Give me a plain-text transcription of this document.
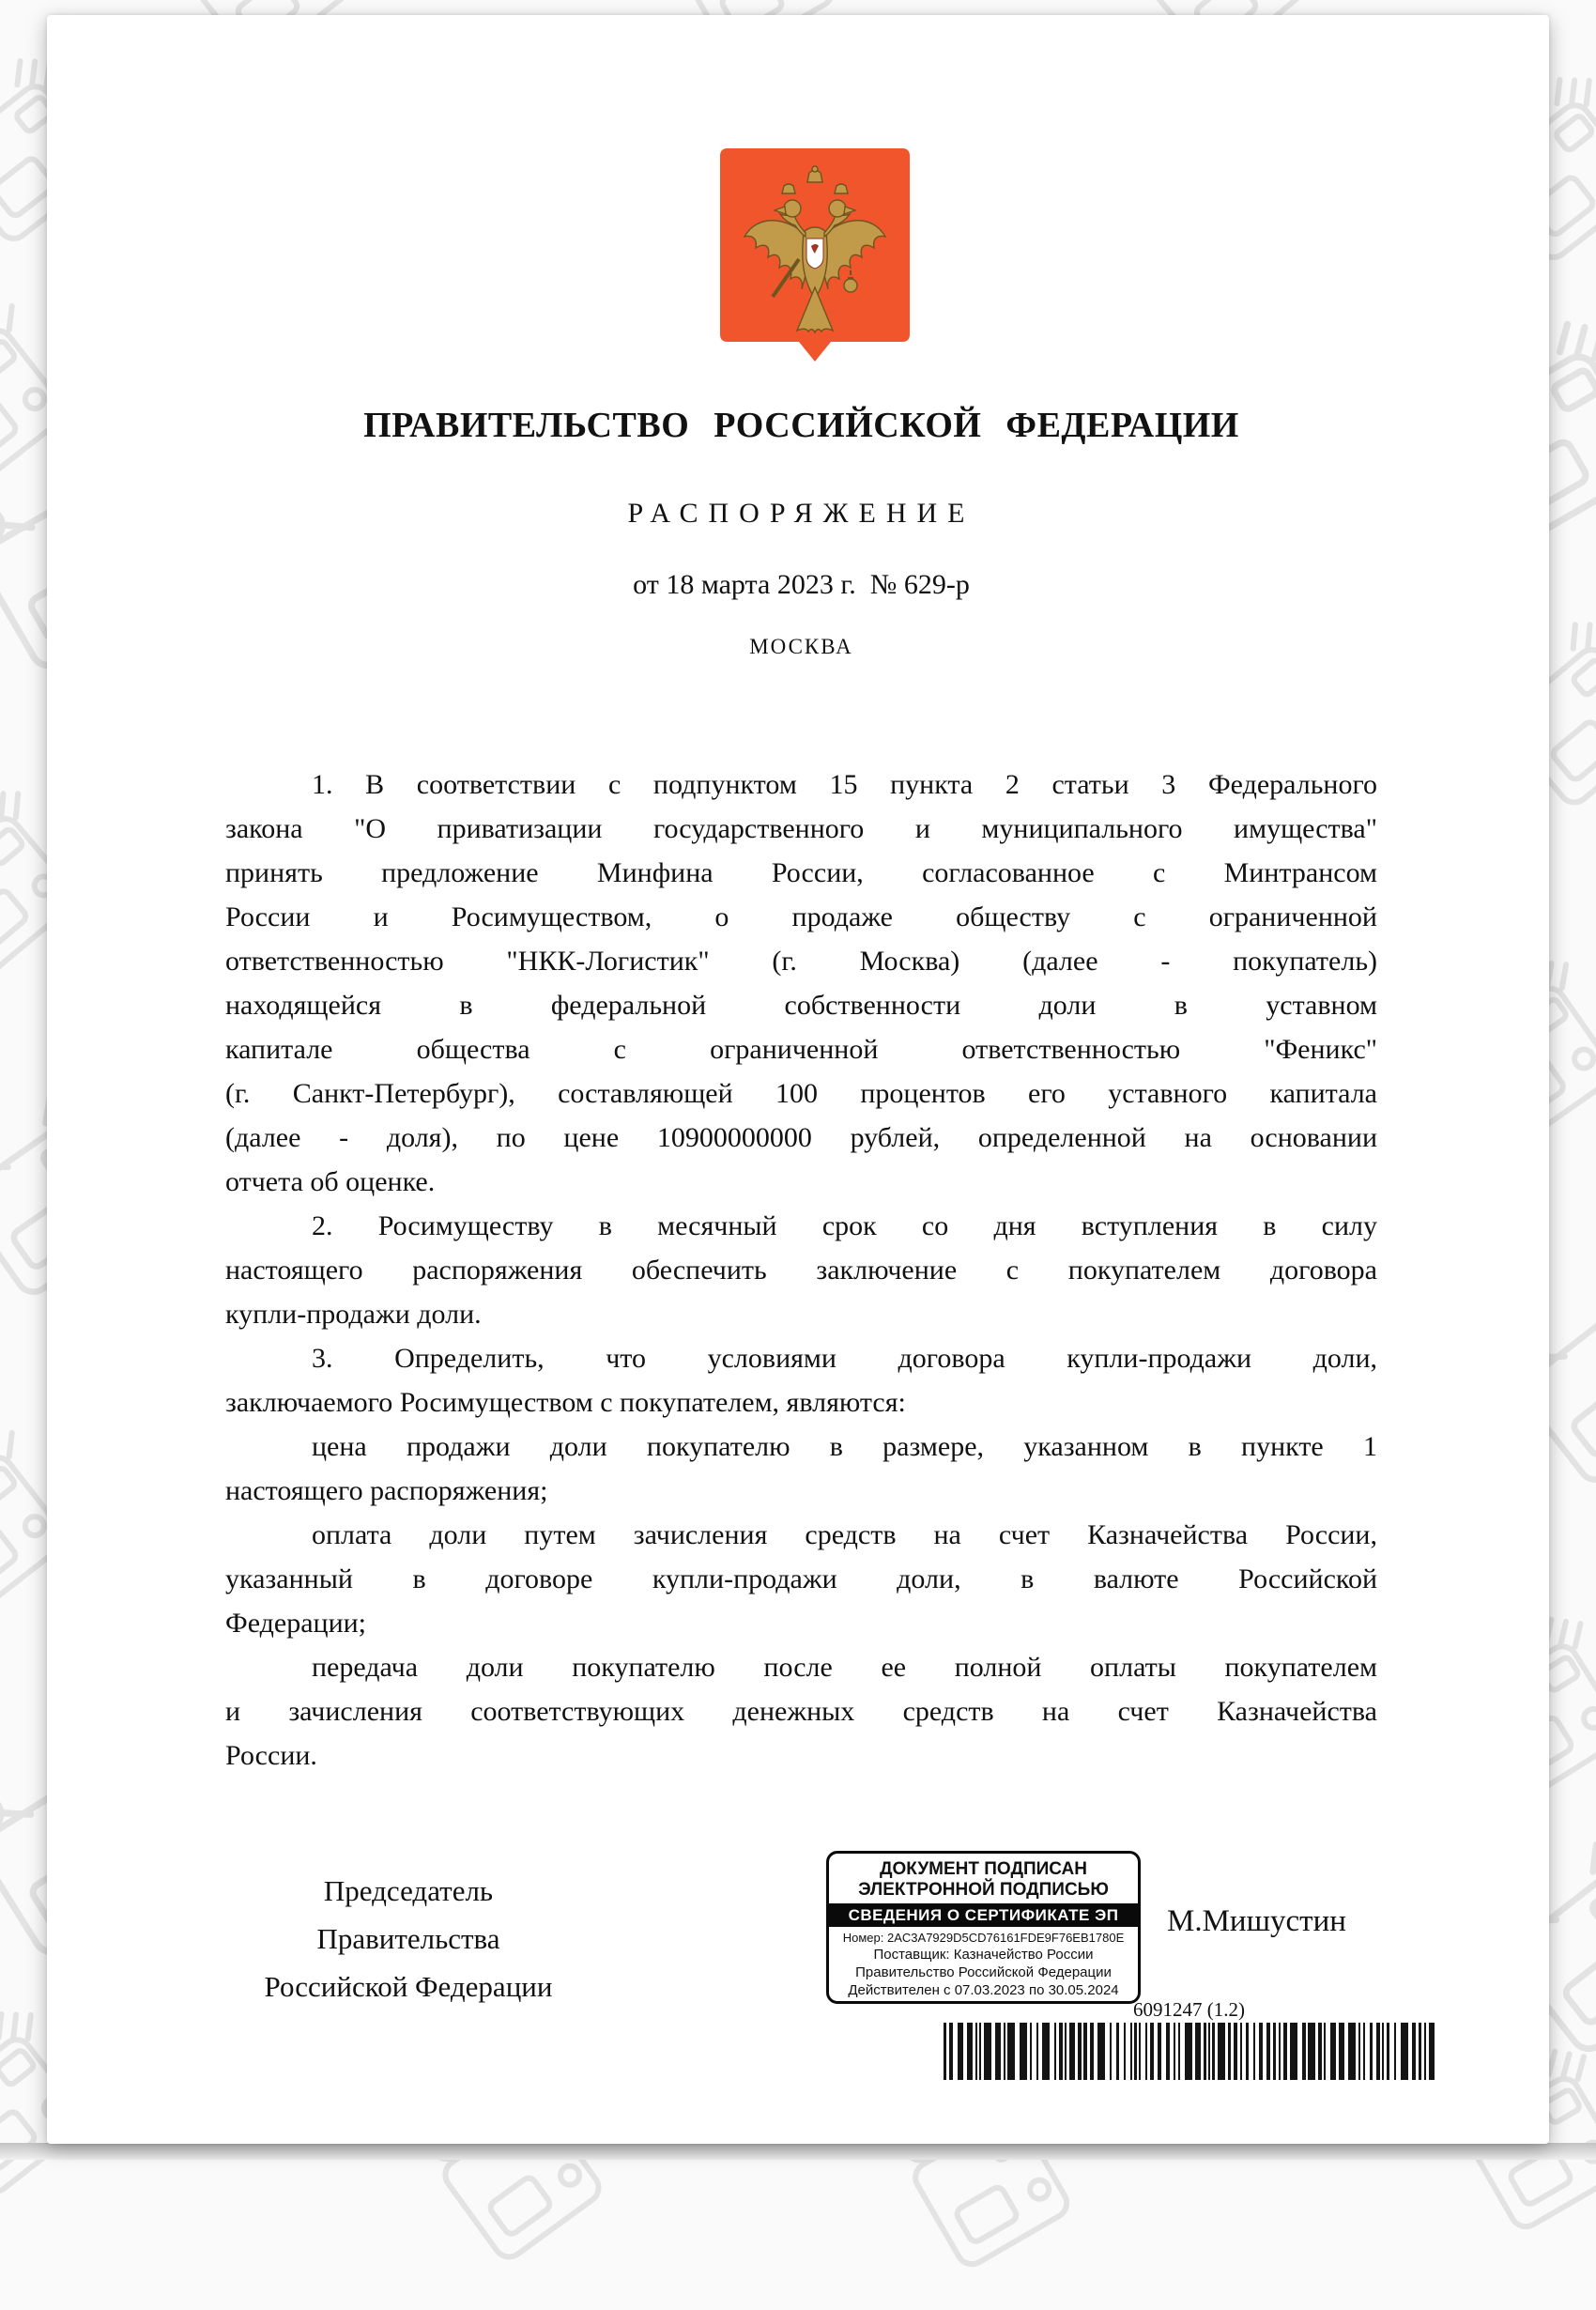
ПРАВИТЕЛЬСТВО РОССИЙСКОЙ ФЕДЕРАЦИИ
РАСПОРЯЖЕНИЕ
от 18 марта 2023 г.  № 629-р
МОСКВА
1. В соответствии с подпунктом 15 пункта 2 статьи 3 Федерального
закона "О приватизации государственного и муниципального имущества"
принять предложение Минфина России, согласованное с Минтрансом
России и Росимуществом, о продаже обществу с ограниченной
ответственностью "НКК-Логистик" (г. Москва) (далее - покупатель)
находящейся в федеральной собственности доли в уставном
капитале общества с ограниченной ответственностью "Феникс"
(г. Санкт-Петербург), составляющей 100 процентов его уставного капитала
(далее - доля), по цене 10900000000 рублей, определенной на основании
отчета об оценке.
2. Росимуществу в месячный срок со дня вступления в силу
настоящего распоряжения обеспечить заключение с покупателем договора
купли-продажи доли.
3. Определить, что условиями договора купли-продажи доли,
заключаемого Росимуществом с покупателем, являются:
цена продажи доли покупателю в размере, указанном в пункте 1
настоящего распоряжения;
оплата доли путем зачисления средств на счет Казначейства России,
указанный в договоре купли-продажи доли, в валюте Российской
Федерации;
передача доли покупателю после ее полной оплаты покупателем
и зачисления соответствующих денежных средств на счет Казначейства
России.
Председатель Правительства
Российской Федерации
ДОКУМЕНТ ПОДПИСАН
ЭЛЕКТРОННОЙ ПОДПИСЬЮ
СВЕДЕНИЯ О СЕРТИФИКАТЕ ЭП
Номер: 2AC3A7929D5CD76161FDE9F76EB1780E
Поставщик: Казначейство России
Правительство Российской Федерации
Действителен с 07.03.2023 по 30.05.2024
М.Мишустин
6091247 (1.2)
